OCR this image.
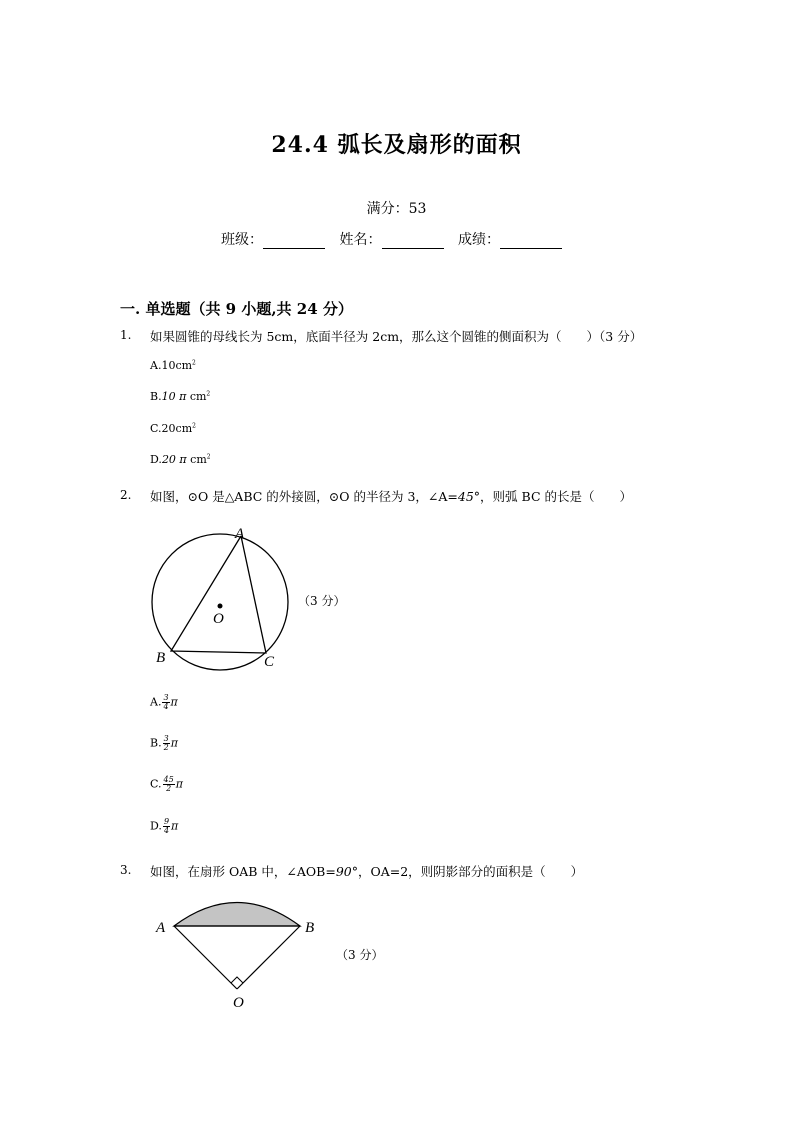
24.4 弧长及扇形的面积
满分：53
班级：	姓名：	成绩：
一. 单选题（共 9 小题,共 24 分）
1. 如果圆锥的母线长为 5cm，底面半径为 2cm，那么这个圆锥的侧面积为（　　）（3 分）
$A.10cm^2$
B.10 π $cm^2$
$C.20cm^2$
D.20 π $cm^2$
2. 如图，⊙O 是△ABC 的外接圆，⊙O 的半径为 3，∠A=45°，则弧 BC 的长是（　　）
A
B	C
O
（3 分）
A. $\frac{3}{4}$ π
B. $\frac{3}{2}$ π
C. $\frac{45}{2}$ π
D. $\frac{9}{4}$ π
3. 如图，在扇形 OAB 中，∠AOB=90°，OA=2，则阴影部分的面积是（　　）
A	B
O
（3 分）
